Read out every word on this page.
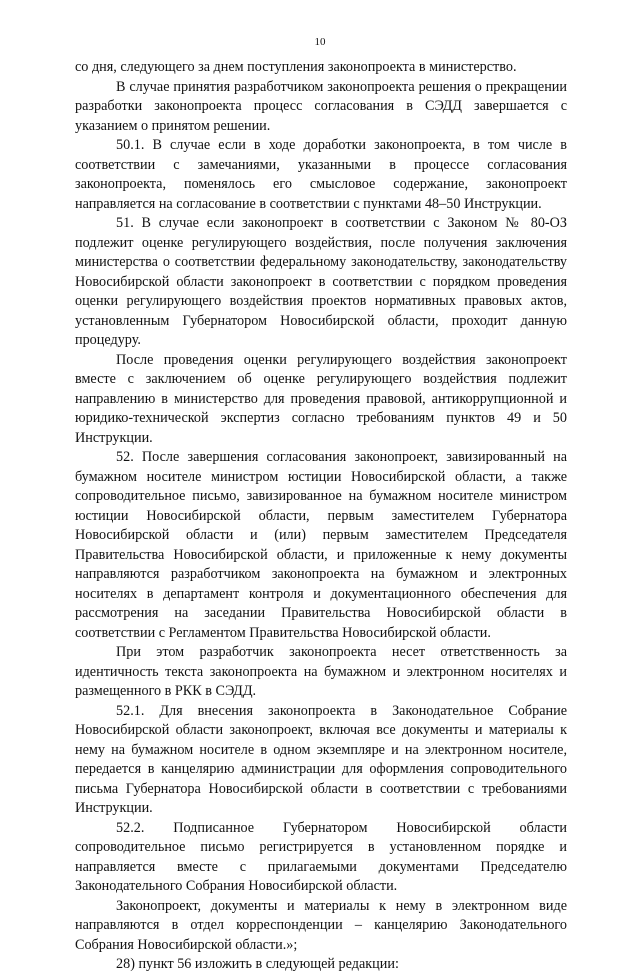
10

со дня, следующего за днем поступления законопроекта в министерство.

В случае принятия разработчиком законопроекта решения о прекращении разработки законопроекта процесс согласования в СЭДД завершается с указанием о принятом решении.

50.1. В случае если в ходе доработки законопроекта, в том числе в соответствии с замечаниями, указанными в процессе согласования законопроекта, поменялось его смысловое содержание, законопроект направляется на согласование в соответствии с пунктами 48–50 Инструкции.

51. В случае если законопроект в соответствии с Законом № 80-ОЗ подлежит оценке регулирующего воздействия, после получения заключения министерства о соответствии федеральному законодательству, законодательству Новосибирской области законопроект в соответствии с порядком проведения оценки регулирующего воздействия проектов нормативных правовых актов, установленным Губернатором Новосибирской области, проходит данную процедуру.

После проведения оценки регулирующего воздействия законопроект вместе с заключением об оценке регулирующего воздействия подлежит направлению в министерство для проведения правовой, антикоррупционной и юридико-технической экспертиз согласно требованиям пунктов 49 и 50 Инструкции.

52. После завершения согласования законопроект, завизированный на бумажном носителе министром юстиции Новосибирской области, а также сопроводительное письмо, завизированное на бумажном носителе министром юстиции Новосибирской области, первым заместителем Губернатора Новосибирской области и (или) первым заместителем Председателя Правительства Новосибирской области, и приложенные к нему документы направляются разработчиком законопроекта на бумажном и электронных носителях в департамент контроля и документационного обеспечения для рассмотрения на заседании Правительства Новосибирской области в соответствии с Регламентом Правительства Новосибирской области.

При этом разработчик законопроекта несет ответственность за идентичность текста законопроекта на бумажном и электронном носителях и размещенного в РКК в СЭДД.

52.1. Для внесения законопроекта в Законодательное Собрание Новосибирской области законопроект, включая все документы и материалы к нему на бумажном носителе в одном экземпляре и на электронном носителе, передается в канцелярию администрации для оформления сопроводительного письма Губернатора Новосибирской области в соответствии с требованиями Инструкции.

52.2. Подписанное Губернатором Новосибирской области сопроводительное письмо регистрируется в установленном порядке и направляется вместе с прилагаемыми документами Председателю Законодательного Собрания Новосибирской области.

Законопроект, документы и материалы к нему в электронном виде направляются в отдел корреспонденции – канцелярию Законодательного Собрания Новосибирской области.»;

28) пункт 56 изложить в следующей редакции:
